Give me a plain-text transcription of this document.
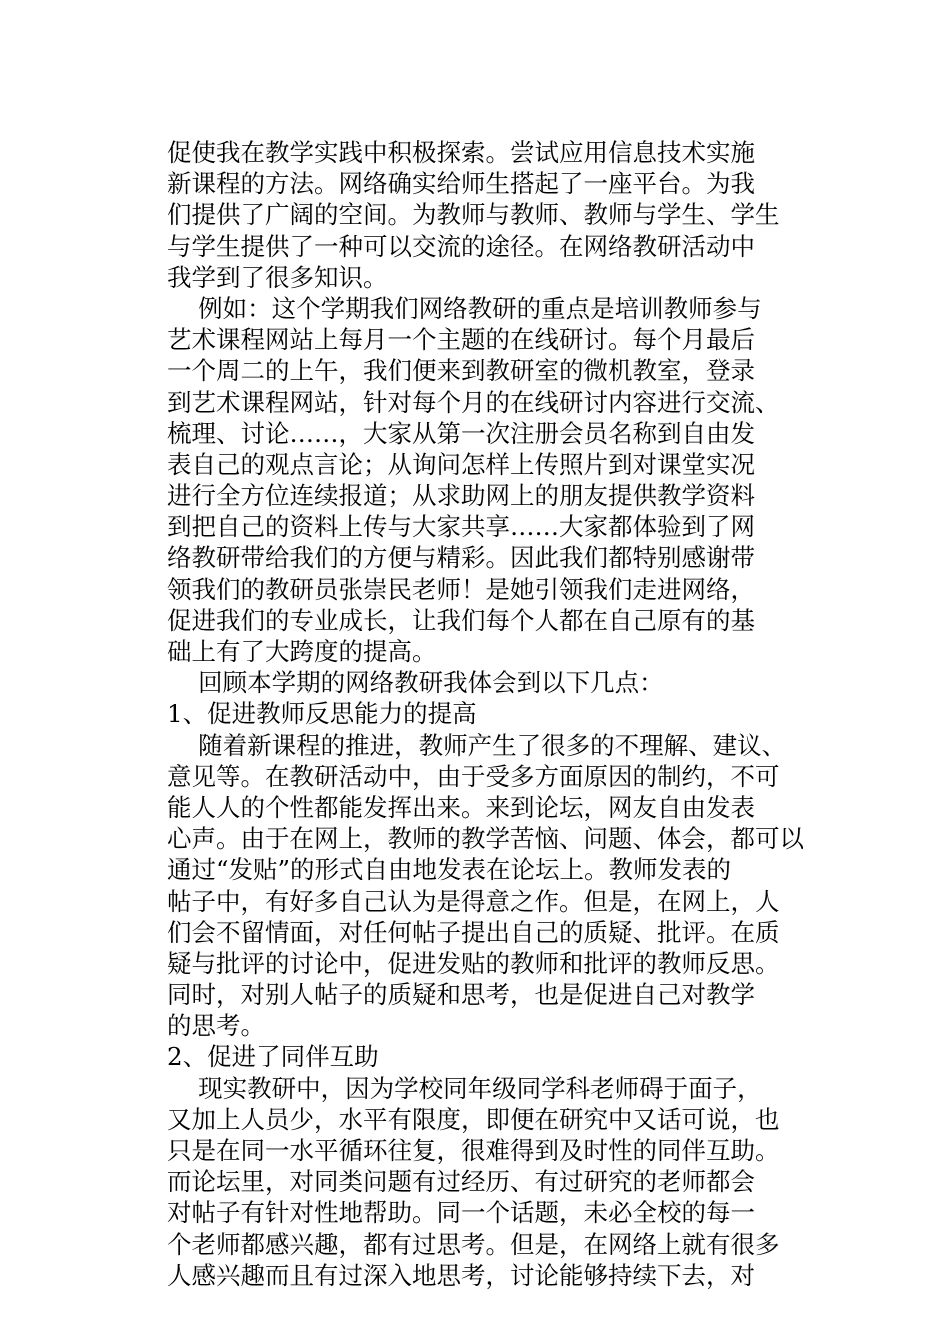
促使我在教学实践中积极探索。尝试应用信息技术实施
新课程的方法。网络确实给师生搭起了一座平台。为我
们提供了广阔的空间。为教师与教师、教师与学生、学生
与学生提供了一种可以交流的途径。在网络教研活动中
我学到了很多知识。
例如：这个学期我们网络教研的重点是培训教师参与
艺术课程网站上每月一个主题的在线研讨。每个月最后
一个周二的上午，我们便来到教研室的微机教室，登录
到艺术课程网站，针对每个月的在线研讨内容进行交流、
梳理、讨论……，大家从第一次注册会员名称到自由发
表自己的观点言论；从询问怎样上传照片到对课堂实况
进行全方位连续报道；从求助网上的朋友提供教学资料
到把自己的资料上传与大家共享……大家都体验到了网
络教研带给我们的方便与精彩。因此我们都特别感谢带
领我们的教研员张崇民老师！是她引领我们走进网络，
促进我们的专业成长，让我们每个人都在自己原有的基
础上有了大跨度的提高。
回顾本学期的网络教研我体会到以下几点：
1、促进教师反思能力的提高
随着新课程的推进，教师产生了很多的不理解、建议、
意见等。在教研活动中，由于受多方面原因的制约，不可
能人人的个性都能发挥出来。来到论坛，网友自由发表
心声。由于在网上，教师的教学苦恼、问题、体会，都可以
通过“发贴”的形式自由地发表在论坛上。教师发表的
帖子中，有好多自己认为是得意之作。但是，在网上，人
们会不留情面，对任何帖子提出自己的质疑、批评。在质
疑与批评的讨论中，促进发贴的教师和批评的教师反思。
同时，对别人帖子的质疑和思考，也是促进自己对教学
的思考。
2、促进了同伴互助
现实教研中，因为学校同年级同学科老师碍于面子，
又加上人员少，水平有限度，即便在研究中又话可说，也
只是在同一水平循环往复，很难得到及时性的同伴互助。
而论坛里，对同类问题有过经历、有过研究的老师都会
对帖子有针对性地帮助。同一个话题，未必全校的每一
个老师都感兴趣，都有过思考。但是，在网络上就有很多
人感兴趣而且有过深入地思考，讨论能够持续下去，对
